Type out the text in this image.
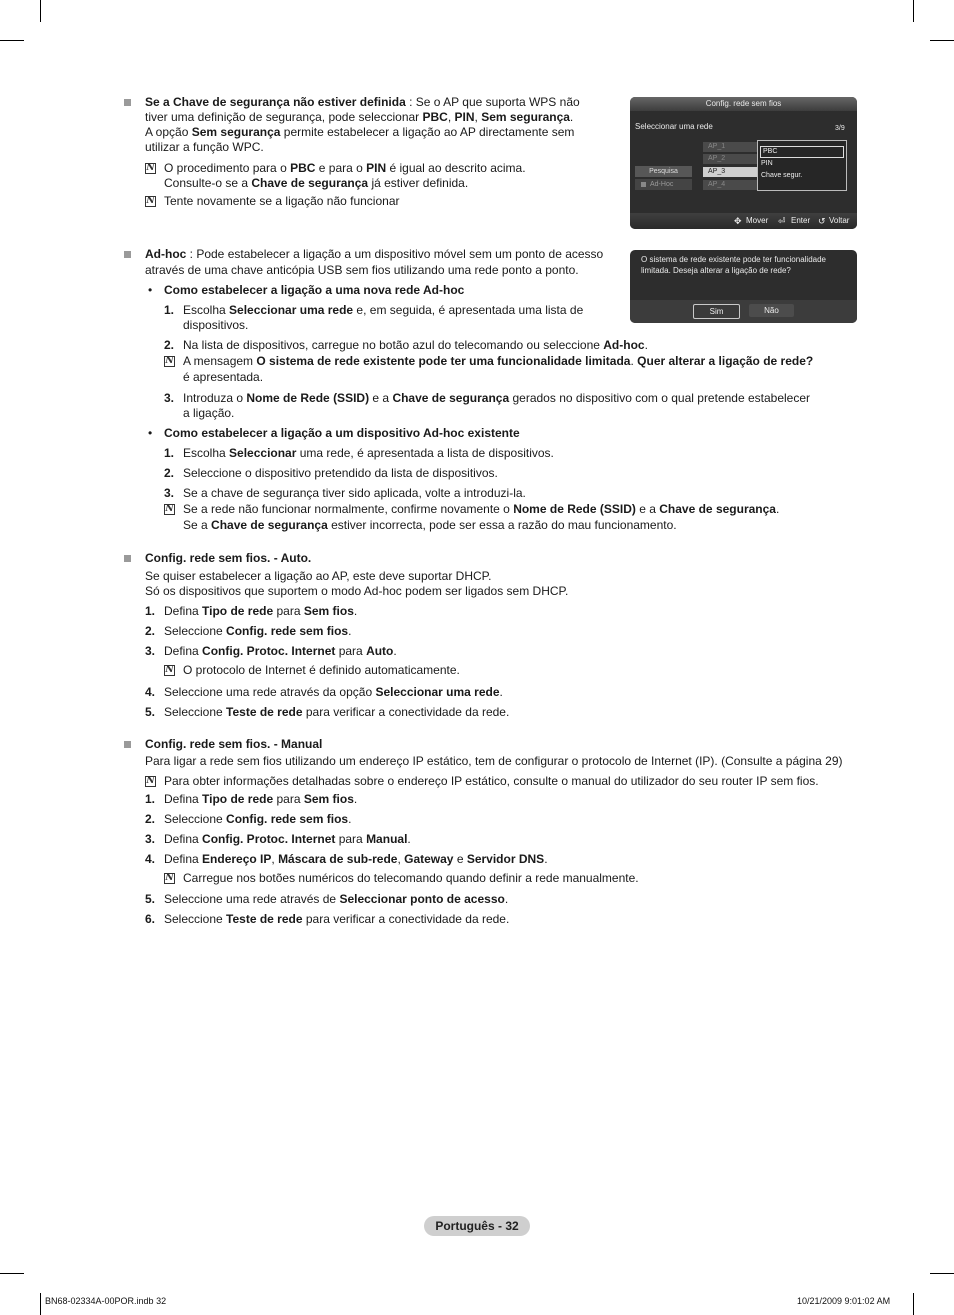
Se a Chave de segurança não estiver definida : Se o AP que suporta WPS não
tiver uma definição de segurança, pode seleccionar PBC, PIN, Sem segurança.
A opção Sem segurança permite estabelecer a ligação ao AP directamente sem
utilizar a função WPC.
N O procedimento para o PBC e para o PIN é igual ao descrito acima.
Consulte-o se a Chave de segurança já estiver definida.
N Tente novamente se a ligação não funcionar
Config. rede sem fios
Seleccionar uma rede	3/9
AP_1
AP_2
AP_3
AP_4
Pesquisa
Ad-Hoc
PBC
PIN
Chave segur.
✥ Mover ⏎ Enter ↺ Voltar
Ad-hoc : Pode estabelecer a ligação a um dispositivo móvel sem um ponto de acesso
através de uma chave anticópia USB sem fios utilizando uma rede ponto a ponto.
O sistema de rede existente pode ter funcionalidade
limitada. Deseja alterar a ligação de rede?
Sim	Não
• Como estabelecer a ligação a uma nova rede Ad-hoc
1. Escolha Seleccionar uma rede e, em seguida, é apresentada uma lista de
dispositivos.
2. Na lista de dispositivos, carregue no botão azul do telecomando ou seleccione Ad-hoc.
N A mensagem O sistema de rede existente pode ter uma funcionalidade limitada. Quer alterar a ligação de rede?
é apresentada.
3. Introduza o Nome de Rede (SSID) e a Chave de segurança gerados no dispositivo com o qual pretende estabelecer
a ligação.
• Como estabelecer a ligação a um dispositivo Ad-hoc existente
1. Escolha Seleccionar uma rede, é apresentada a lista de dispositivos.
2. Seleccione o dispositivo pretendido da lista de dispositivos.
3. Se a chave de segurança tiver sido aplicada, volte a introduzi-la.
N Se a rede não funcionar normalmente, confirme novamente o Nome de Rede (SSID) e a Chave de segurança.
Se a Chave de segurança estiver incorrecta, pode ser essa a razão do mau funcionamento.
Config. rede sem fios. - Auto.
Se quiser estabelecer a ligação ao AP, este deve suportar DHCP.
Só os dispositivos que suportem o modo Ad-hoc podem ser ligados sem DHCP.
1. Defina Tipo de rede para Sem fios.
2. Seleccione Config. rede sem fios.
3. Defina Config. Protoc. Internet para Auto.
N O protocolo de Internet é definido automaticamente.
4. Seleccione uma rede através da opção Seleccionar uma rede.
5. Seleccione Teste de rede para verificar a conectividade da rede.
Config. rede sem fios. - Manual
Para ligar a rede sem fios utilizando um endereço IP estático, tem de configurar o protocolo de Internet (IP). (Consulte a página 29)
N Para obter informações detalhadas sobre o endereço IP estático, consulte o manual do utilizador do seu router IP sem fios.
1. Defina Tipo de rede para Sem fios.
2. Seleccione Config. rede sem fios.
3. Defina Config. Protoc. Internet para Manual.
4. Defina Endereço IP, Máscara de sub-rede, Gateway e Servidor DNS.
N Carregue nos botões numéricos do telecomando quando definir a rede manualmente.
5. Seleccione uma rede através de Seleccionar ponto de acesso.
6. Seleccione Teste de rede para verificar a conectividade da rede.
Português - 32
BN68-02334A-00POR.indb 32	10/21/2009 9:01:02 AM
